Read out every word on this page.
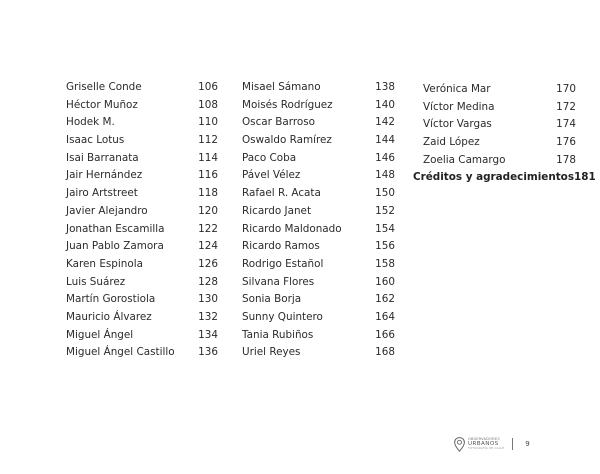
Griselle Conde	106
Héctor Muñoz	108
Hodek M.	110
Isaac Lotus	112
Isai Barranata	114
Jair Hernández	116
Jairo Artstreet	118
Javier Alejandro	120
Jonathan Escamilla	122
Juan Pablo Zamora	124
Karen Espinola	126
Luis Suárez	128
Martín Gorostiola	130
Mauricio Álvarez	132
Miguel Ángel	134
Miguel Ángel Castillo 136
Misael Sámano	138
Moisés Rodríguez	140
Oscar Barroso	142
Oswaldo Ramírez	144
Paco Coba	146
Pável Vélez	148
Rafael R. Acata	150
Ricardo Janet	152
Ricardo Maldonado	154
Ricardo Ramos	156
Rodrigo Estañol	158
Silvana Flores	160
Sonia Borja	162
Sunny Quintero	164
Tania Rubiños	166
Uriel Reyes	168
Verónica Mar	170
Víctor Medina	172
Víctor Vargas	174
Zaid López	176
Zoelia Camargo	178
Créditos y agradecimientos 181
OBSERVADORES
URBANOS
FOTOGRAFÍA DE CALLE
9
